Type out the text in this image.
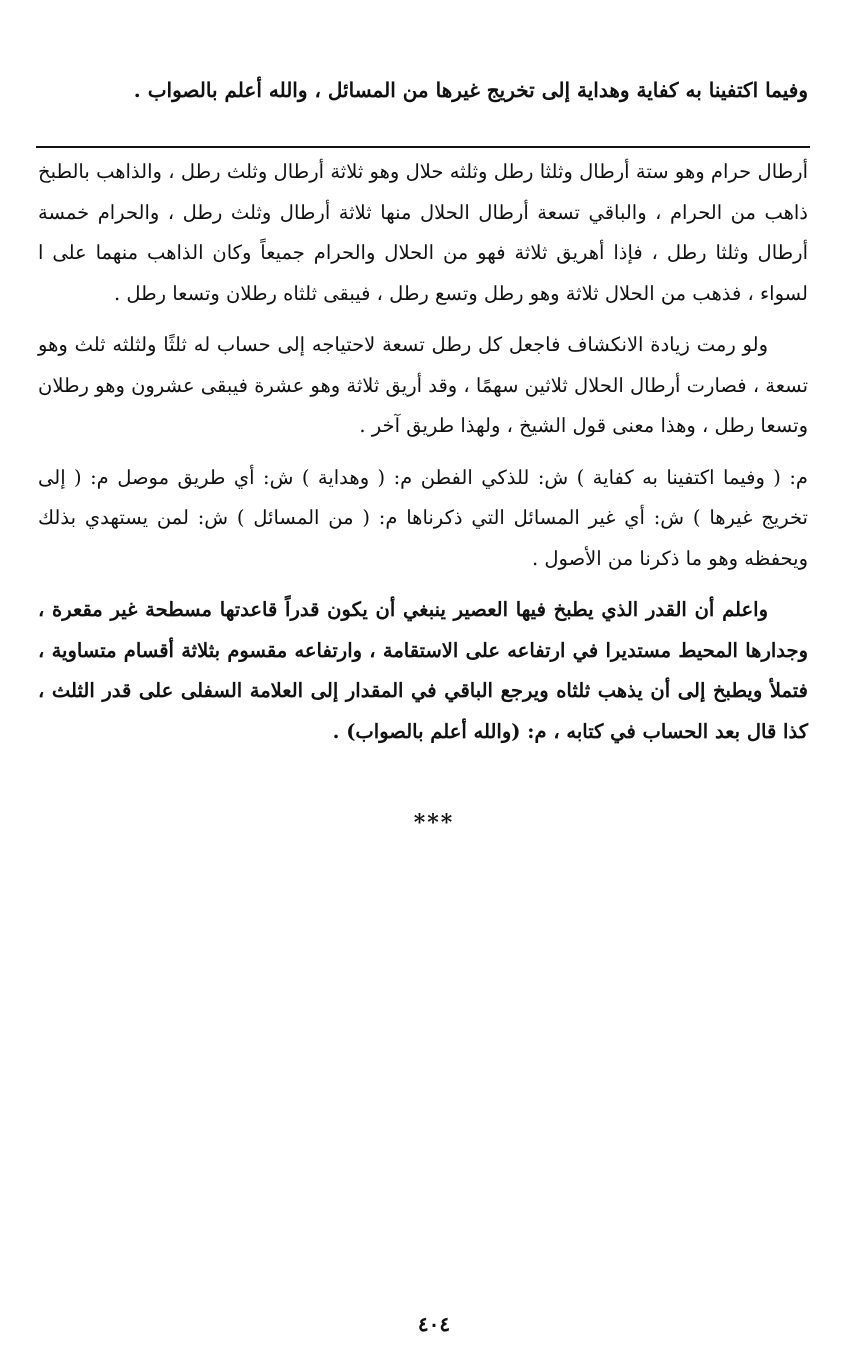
وفيما اكتفينا به كفاية وهداية إلى تخريج غيرها من المسائل ، والله أعلم بالصواب .

أرطال حرام وهو ستة أرطال وثلثا رطل وثلثه حلال وهو ثلاثة أرطال وثلث رطل ، والذاهب بالطبخ ذاهب من الحرام ، والباقي تسعة أرطال الحلال منها ثلاثة أرطال وثلث رطل ، والحرام خمسة أرطال وثلثا رطل ، فإذا أهريق ثلاثة فهو من الحلال والحرام جميعاً وكان الذاهب منهما على ا لسواء ، فذهب من الحلال ثلاثة وهو رطل وتسع رطل ، فيبقى ثلثاه رطلان وتسعا رطل .

ولو رمت زيادة الانكشاف فاجعل كل رطل تسعة لاحتياجه إلى حساب له ثلثًا ولثلثه ثلث وهو تسعة ، فصارت أرطال الحلال ثلاثين سهمًا ، وقد أريق ثلاثة وهو عشرة فيبقى عشرون وهو رطلان وتسعا رطل ، وهذا معنى قول الشيخ ، ولهذا طريق آخر .

م: ( وفيما اكتفينا به كفاية ) ش: للذكي الفطن م: ( وهداية ) ش: أي طريق موصل م: ( إلى تخريج غيرها ) ش: أي غير المسائل التي ذكرناها م: ( من المسائل ) ش: لمن يستهدي بذلك ويحفظه وهو ما ذكرنا من الأصول .

واعلم أن القدر الذي يطبخ فيها العصير ينبغي أن يكون قدراً قاعدتها مسطحة غير مقعرة ، وجدارها المحيط مستديرا في ارتفاعه على الاستقامة ، وارتفاعه مقسوم بثلاثة أقسام متساوية ، فتملأ ويطبخ إلى أن يذهب ثلثاه ويرجع الباقي في المقدار إلى العلامة السفلى على قدر الثلث ، كذا قال بعد الحساب في كتابه ، م: (والله أعلم بالصواب) .

***
٤٠٤
